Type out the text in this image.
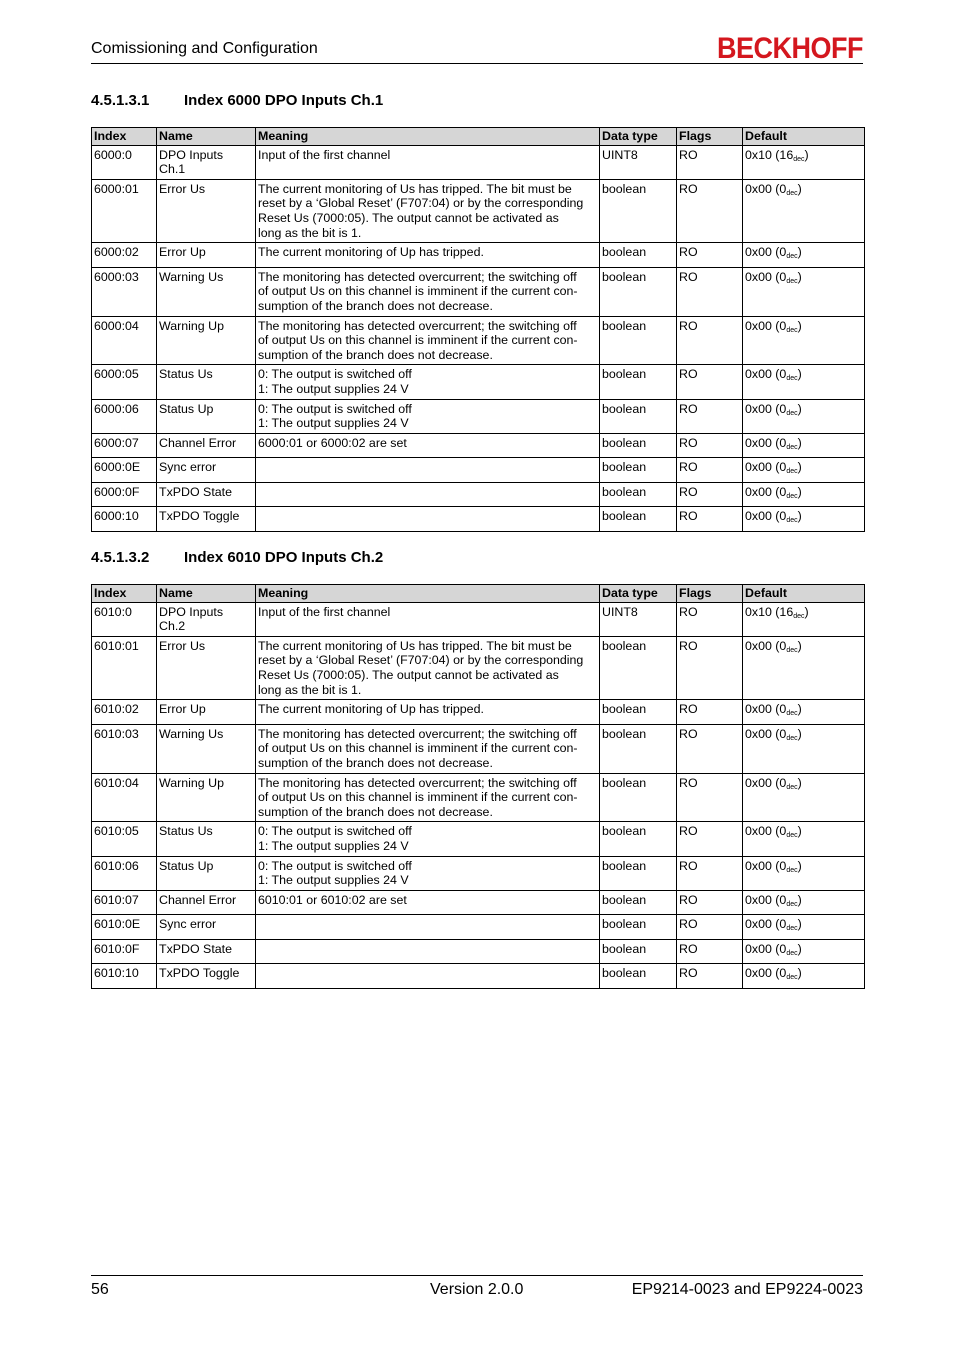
Comissioning and Configuration	BECKHOFF
4.5.1.3.1 Index 6000 DPO Inputs Ch.1
Index	Name	Meaning	Data type	Flags	Default
6000:0	DPO Inputs
Ch.1	Input of the first channel	UINT8	RO	0x10 $(16_{dec})$
6000:01	Error Us	The current monitoring of Us has tripped. The bit must be
reset by a ‘Global Reset’ (F707:04) or by the corresponding
Reset Us (7000:05). The output cannot be activated as
long as the bit is 1.	boolean	RO	0x00 $(0_{dec})$
6000:02	Error Up	The current monitoring of Up has tripped.	boolean	RO	0x00 $(0_{dec})$
6000:03	Warning Us	The monitoring has detected overcurrent; the switching off
of output Us on this channel is imminent if the current con-
sumption of the branch does not decrease.	boolean	RO	0x00 $(0_{dec})$
6000:04	Warning Up	The monitoring has detected overcurrent; the switching off
of output Us on this channel is imminent if the current con-
sumption of the branch does not decrease.	boolean	RO	0x00 $(0_{dec})$
6000:05	Status Us	0: The output is switched off
1: The output supplies 24 V	boolean	RO	0x00 $(0_{dec})$
6000:06	Status Up	0: The output is switched off
1: The output supplies 24 V	boolean	RO	0x00 $(0_{dec})$
6000:07	Channel Error	6000:01 or 6000:02 are set	boolean	RO	0x00 $(0_{dec})$
6000:0E	Sync error		boolean	RO	0x00 $(0_{dec})$
6000:0F	TxPDO State		boolean	RO	0x00 $(0_{dec})$
6000:10	TxPDO Toggle		boolean	RO	0x00 $(0_{dec})$
4.5.1.3.2 Index 6010 DPO Inputs Ch.2
Index	Name	Meaning	Data type	Flags	Default
6010:0	DPO Inputs
Ch.2	Input of the first channel	UINT8	RO	0x10 $(16_{dec})$
6010:01	Error Us	The current monitoring of Us has tripped. The bit must be
reset by a ‘Global Reset’ (F707:04) or by the corresponding
Reset Us (7000:05). The output cannot be activated as
long as the bit is 1.	boolean	RO	0x00 $(0_{dec})$
6010:02	Error Up	The current monitoring of Up has tripped.	boolean	RO	0x00 $(0_{dec})$
6010:03	Warning Us	The monitoring has detected overcurrent; the switching off
of output Us on this channel is imminent if the current con-
sumption of the branch does not decrease.	boolean	RO	0x00 $(0_{dec})$
6010:04	Warning Up	The monitoring has detected overcurrent; the switching off
of output Us on this channel is imminent if the current con-
sumption of the branch does not decrease.	boolean	RO	0x00 $(0_{dec})$
6010:05	Status Us	0: The output is switched off
1: The output supplies 24 V	boolean	RO	0x00 $(0_{dec})$
6010:06	Status Up	0: The output is switched off
1: The output supplies 24 V	boolean	RO	0x00 $(0_{dec})$
6010:07	Channel Error	6010:01 or 6010:02 are set	boolean	RO	0x00 $(0_{dec})$
6010:0E	Sync error		boolean	RO	0x00 $(0_{dec})$
6010:0F	TxPDO State		boolean	RO	0x00 $(0_{dec})$
6010:10	TxPDO Toggle		boolean	RO	0x00 $(0_{dec})$
56	Version 2.0.0	EP9214-0023 and EP9224-0023
